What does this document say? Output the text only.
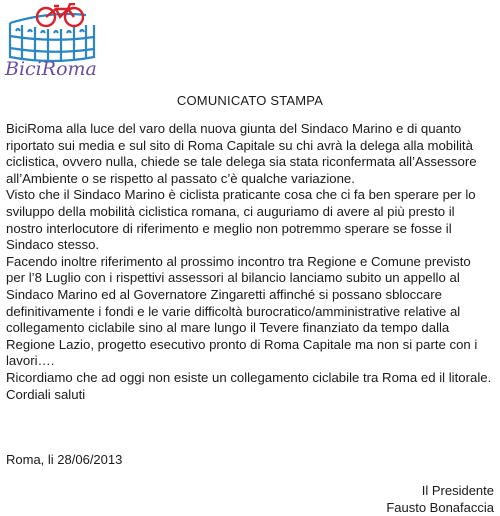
BiciRoma
COMUNICATO STAMPA

BiciRoma alla luce del varo della nuova giunta del Sindaco Marino e di quanto riportato sui media e sul sito di Roma Capitale su chi avrà la delega alla mobilità ciclistica, ovvero nulla, chiede se tale delega sia stata riconfermata all’Assessore all’Ambiente o se rispetto al passato c’è qualche variazione.

Visto che il Sindaco Marino è ciclista praticante cosa che ci fa ben sperare per lo sviluppo della mobilità ciclistica romana, ci auguriamo di avere al più presto il nostro interlocutore di riferimento e meglio non potremmo sperare se fosse il Sindaco stesso.

Facendo inoltre riferimento al prossimo incontro tra Regione e Comune previsto per l’8 Luglio con i rispettivi assessori al bilancio lanciamo subito un appello al Sindaco Marino ed al Governatore Zingaretti affinché si possano sbloccare definitivamente i fondi e le varie difficoltà burocratico/amministrative relative al collegamento ciclabile sino al mare lungo il Tevere finanziato da tempo dalla Regione Lazio, progetto esecutivo pronto di Roma Capitale ma non si parte con i lavori….

Ricordiamo che ad oggi non esiste un collegamento ciclabile tra Roma ed il litorale.

Cordiali saluti

Roma, li 28/06/2013
Il Presidente
Fausto Bonafaccia
